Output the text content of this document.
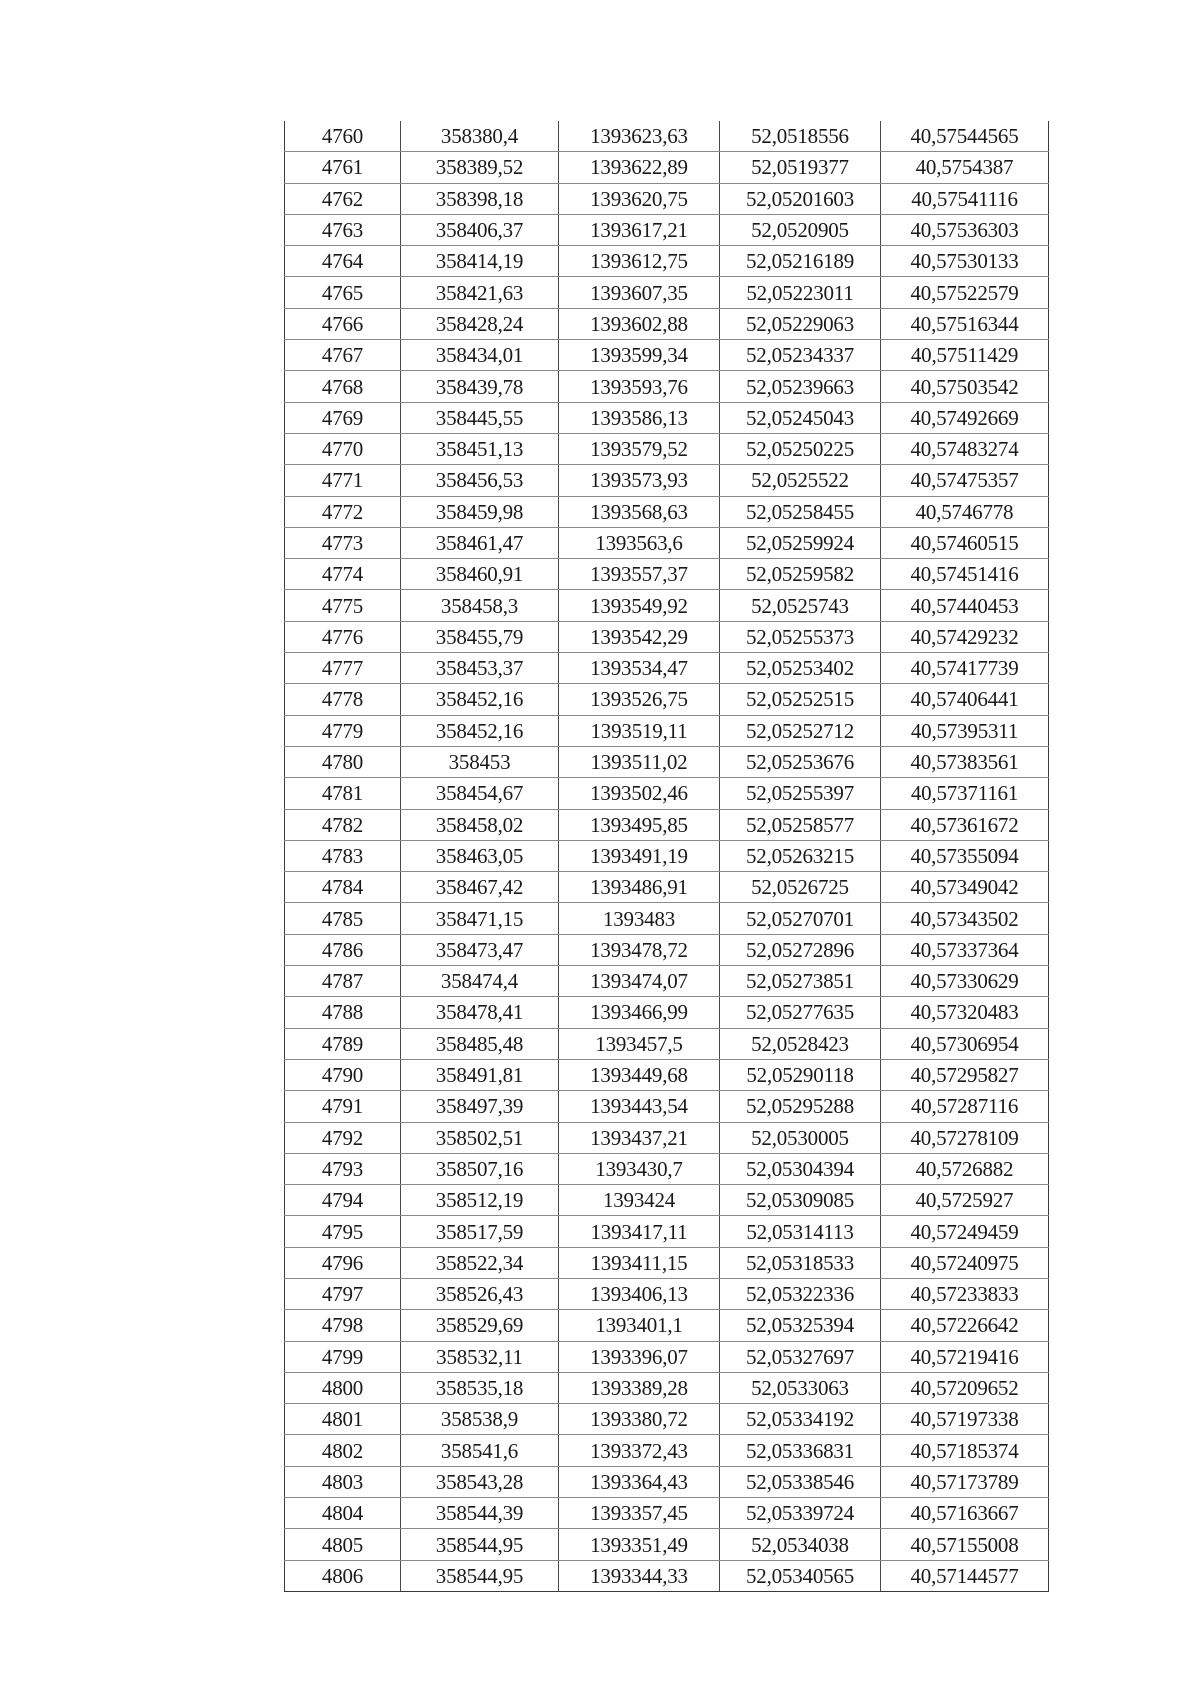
4760	358380,4	1393623,63	52,0518556	40,57544565
4761	358389,52	1393622,89	52,0519377	40,5754387
4762	358398,18	1393620,75	52,05201603	40,57541116
4763	358406,37	1393617,21	52,0520905	40,57536303
4764	358414,19	1393612,75	52,05216189	40,57530133
4765	358421,63	1393607,35	52,05223011	40,57522579
4766	358428,24	1393602,88	52,05229063	40,57516344
4767	358434,01	1393599,34	52,05234337	40,57511429
4768	358439,78	1393593,76	52,05239663	40,57503542
4769	358445,55	1393586,13	52,05245043	40,57492669
4770	358451,13	1393579,52	52,05250225	40,57483274
4771	358456,53	1393573,93	52,0525522	40,57475357
4772	358459,98	1393568,63	52,05258455	40,5746778
4773	358461,47	1393563,6	52,05259924	40,57460515
4774	358460,91	1393557,37	52,05259582	40,57451416
4775	358458,3	1393549,92	52,0525743	40,57440453
4776	358455,79	1393542,29	52,05255373	40,57429232
4777	358453,37	1393534,47	52,05253402	40,57417739
4778	358452,16	1393526,75	52,05252515	40,57406441
4779	358452,16	1393519,11	52,05252712	40,57395311
4780	358453	1393511,02	52,05253676	40,57383561
4781	358454,67	1393502,46	52,05255397	40,57371161
4782	358458,02	1393495,85	52,05258577	40,57361672
4783	358463,05	1393491,19	52,05263215	40,57355094
4784	358467,42	1393486,91	52,0526725	40,57349042
4785	358471,15	1393483	52,05270701	40,57343502
4786	358473,47	1393478,72	52,05272896	40,57337364
4787	358474,4	1393474,07	52,05273851	40,57330629
4788	358478,41	1393466,99	52,05277635	40,57320483
4789	358485,48	1393457,5	52,0528423	40,57306954
4790	358491,81	1393449,68	52,05290118	40,57295827
4791	358497,39	1393443,54	52,05295288	40,57287116
4792	358502,51	1393437,21	52,0530005	40,57278109
4793	358507,16	1393430,7	52,05304394	40,5726882
4794	358512,19	1393424	52,05309085	40,5725927
4795	358517,59	1393417,11	52,05314113	40,57249459
4796	358522,34	1393411,15	52,05318533	40,57240975
4797	358526,43	1393406,13	52,05322336	40,57233833
4798	358529,69	1393401,1	52,05325394	40,57226642
4799	358532,11	1393396,07	52,05327697	40,57219416
4800	358535,18	1393389,28	52,0533063	40,57209652
4801	358538,9	1393380,72	52,05334192	40,57197338
4802	358541,6	1393372,43	52,05336831	40,57185374
4803	358543,28	1393364,43	52,05338546	40,57173789
4804	358544,39	1393357,45	52,05339724	40,57163667
4805	358544,95	1393351,49	52,0534038	40,57155008
4806	358544,95	1393344,33	52,05340565	40,57144577
